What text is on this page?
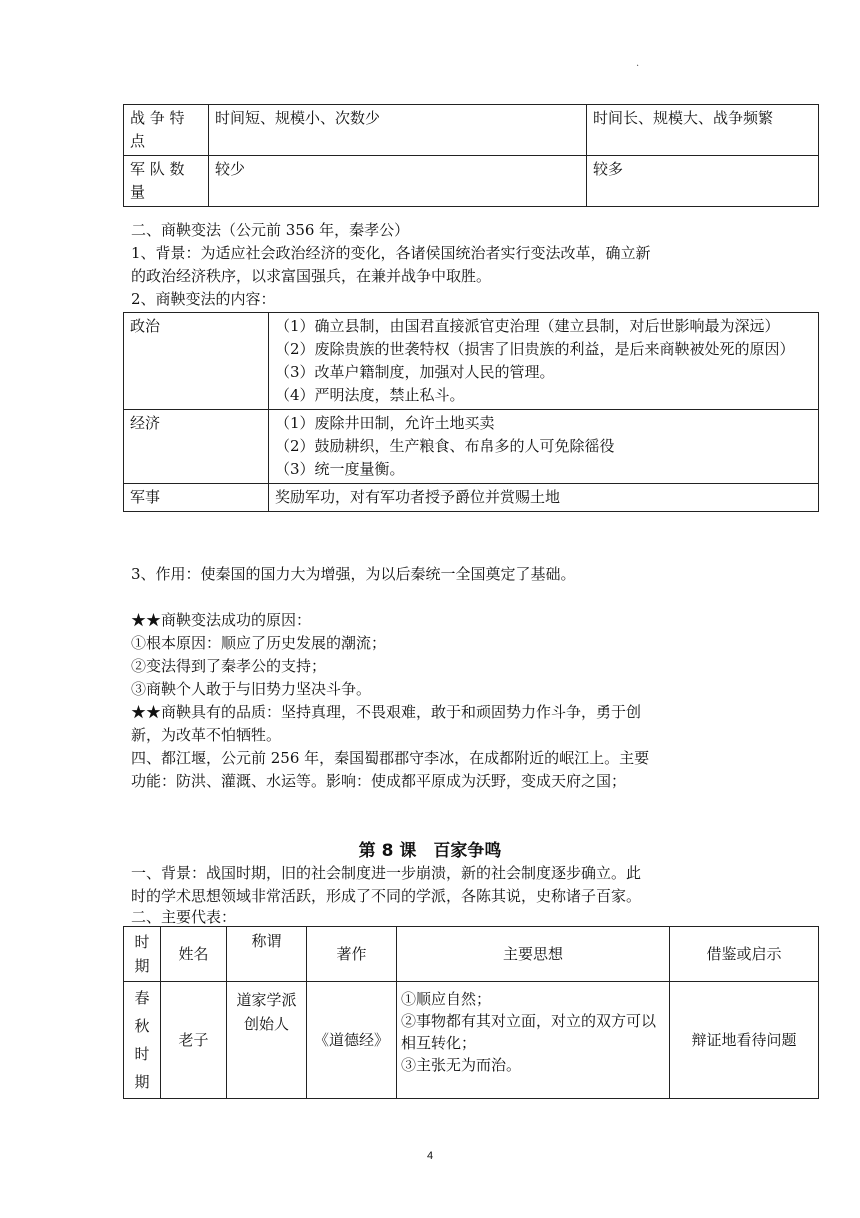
.
战 争 特 点	时间短、规模小、次数少	时间长、规模大、战争频繁
军 队 数 量	较少	较多

二、商鞅变法（公元前 356 年，秦孝公）

1、背景：为适应社会政治经济的变化，各诸侯国统治者实行变法改革，确立新

的政治经济秩序，以求富国强兵，在兼并战争中取胜。

2、商鞅变法的内容：

政治	（1）确立县制，由国君直接派官吏治理（建立县制，对后世影响最为深远）
（2）废除贵族的世袭特权（损害了旧贵族的利益，是后来商鞅被处死的原因）
（3）改革户籍制度，加强对人民的管理。
（4）严明法度，禁止私斗。

经济	（1）废除井田制，允许土地买卖
（2）鼓励耕织，生产粮食、布帛多的人可免除徭役
（3）统一度量衡。

军事	奖励军功，对有军功者授予爵位并赏赐土地

3、作用：使秦国的国力大为增强，为以后秦统一全国奠定了基础。

★★商鞅变法成功的原因：

①根本原因：顺应了历史发展的潮流；

②变法得到了秦孝公的支持；

③商鞅个人敢于与旧势力坚决斗争。

★★商鞅具有的品质：坚持真理，不畏艰难，敢于和顽固势力作斗争，勇于创

新，为改革不怕牺牲。

四、都江堰，公元前 256 年，秦国蜀郡郡守李冰，在成都附近的岷江上。主要

功能：防洪、灌溉、水运等。影响：使成都平原成为沃野，变成天府之国；

第 8 课　百家争鸣

一、背景：战国时期，旧的社会制度进一步崩溃，新的社会制度逐步确立。此

时的学术思想领域非常活跃，形成了不同的学派，各陈其说，史称诸子百家。

二、主要代表：

时期	姓名	称谓	著作	主要思想	借鉴或启示
春秋时期	老子	道家学派创始人	《道德经》	①顺应自然；
②事物都有其对立面，对立的双方可以相互转化；
③主张无为而治。	辩证地看待问题
4
